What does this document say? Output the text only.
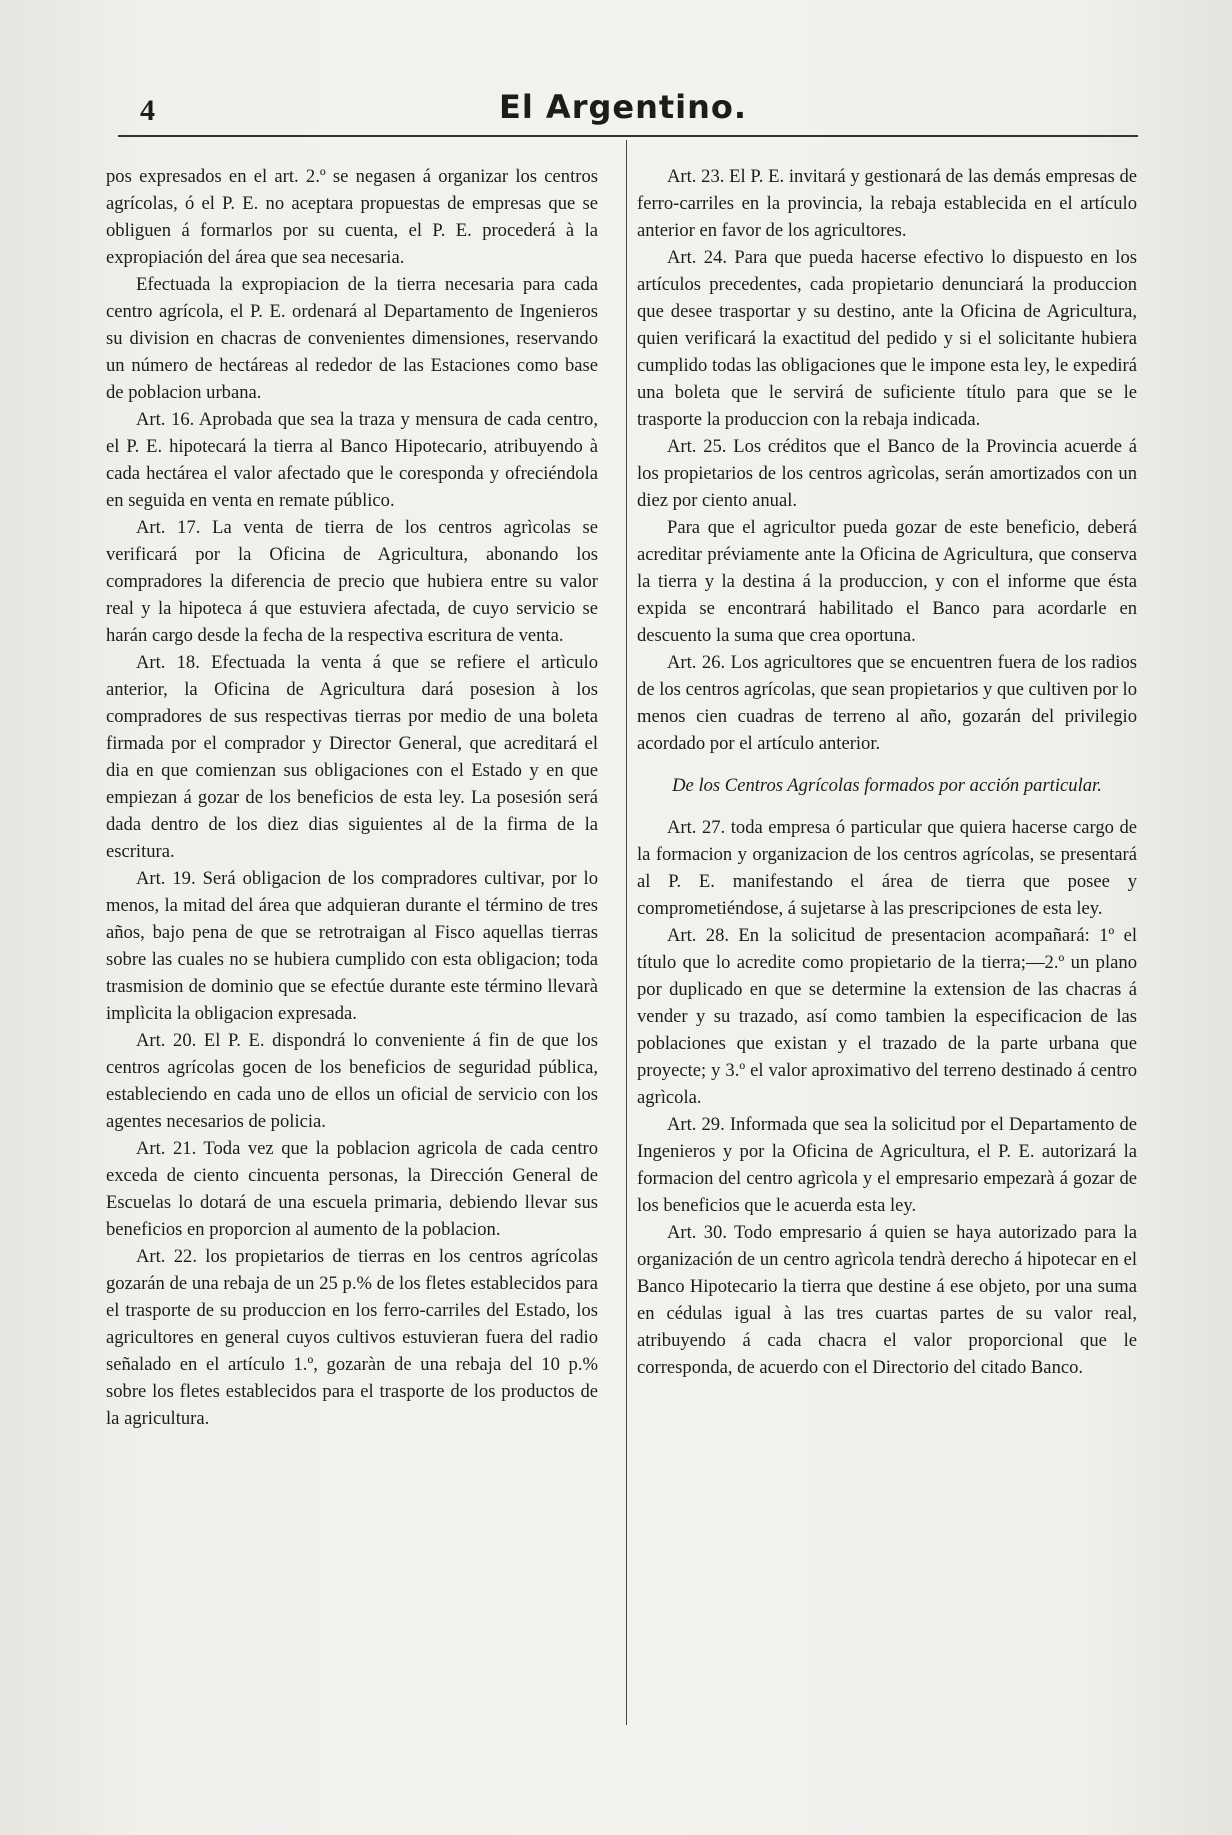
4	El Argentino.

pos expresados en el art. 2.º se negasen á organizar los centros agrícolas, ó el P. E. no aceptara propuestas de empresas que se obliguen á formarlos por su cuenta, el P. E. procederá à la expropiación del área que sea necesaria.

Efectuada la expropiacion de la tierra necesaria para cada centro agrícola, el P. E. ordenará al Departamento de Ingenieros su division en chacras de convenientes dimensiones, reservando un número de hectáreas al rededor de las Estaciones como base de poblacion urbana.

Art. 16. Aprobada que sea la traza y mensura de cada centro, el P. E. hipotecará la tierra al Banco Hipotecario, atribuyendo à cada hectárea el valor afectado que le coresponda y ofreciéndola en seguida en venta en remate público.

Art. 17. La venta de tierra de los centros agrìcolas se verificará por la Oficina de Agricultura, abonando los compradores la diferencia de precio que hubiera entre su valor real y la hipoteca á que estuviera afectada, de cuyo servicio se harán cargo desde la fecha de la respectiva escritura de venta.

Art. 18. Efectuada la venta á que se refiere el artìculo anterior, la Oficina de Agricultura dará posesion à los compradores de sus respectivas tierras por medio de una boleta firmada por el comprador y Director General, que acreditará el dia en que comienzan sus obligaciones con el Estado y en que empiezan á gozar de los beneficios de esta ley. La posesión será dada dentro de los diez dias siguientes al de la firma de la escritura.

Art. 19. Será obligacion de los compradores cultivar, por lo menos, la mitad del área que adquieran durante el término de tres años, bajo pena de que se retrotraigan al Fisco aquellas tierras sobre las cuales no se hubiera cumplido con esta obligacion; toda trasmision de dominio que se efectúe durante este término llevarà implìcita la obligacion expresada.

Art. 20. El P. E. dispondrá lo conveniente á fin de que los centros agrícolas gocen de los beneficios de seguridad pública, estableciendo en cada uno de ellos un oficial de servicio con los agentes necesarios de policia.

Art. 21. Toda vez que la poblacion agricola de cada centro exceda de ciento cincuenta personas, la Dirección General de Escuelas lo dotará de una escuela primaria, debiendo llevar sus beneficios en proporcion al aumento de la poblacion.

Art. 22. los propietarios de tierras en los centros agrícolas gozarán de una rebaja de un 25 p.% de los fletes establecidos para el trasporte de su produccion en los ferro-carriles del Estado, los agricultores en general cuyos cultivos estuvieran fuera del radio señalado en el artículo 1.º, gozaràn de una rebaja del 10 p.% sobre los fletes establecidos para el trasporte de los productos de la agricultura.

Art. 23. El P. E. invitará y gestionará de las demás empresas de ferro-carriles en la provincia, la rebaja establecida en el artículo anterior en favor de los agricultores.

Art. 24. Para que pueda hacerse efectivo lo dispuesto en los artículos precedentes, cada propietario denunciará la produccion que desee trasportar y su destino, ante la Oficina de Agricultura, quien verificará la exactitud del pedido y si el solicitante hubiera cumplido todas las obligaciones que le impone esta ley, le expedirá una boleta que le servirá de suficiente título para que se le trasporte la produccion con la rebaja indicada.

Art. 25. Los créditos que el Banco de la Provincia acuerde á los propietarios de los centros agrìcolas, serán amortizados con un diez por ciento anual.

Para que el agricultor pueda gozar de este beneficio, deberá acreditar préviamente ante la Oficina de Agricultura, que conserva la tierra y la destina á la produccion, y con el informe que ésta expida se encontrará habilitado el Banco para acordarle en descuento la suma que crea oportuna.

Art. 26. Los agricultores que se encuentren fuera de los radios de los centros agrícolas, que sean propietarios y que cultiven por lo menos cien cuadras de terreno al año, gozarán del privilegio acordado por el artículo anterior.

De los Centros Agrícolas formados por acción particular.

Art. 27. toda empresa ó particular que quiera hacerse cargo de la formacion y organizacion de los centros agrícolas, se presentará al P. E. manifestando el área de tierra que posee y comprometiéndose, á sujetarse à las prescripciones de esta ley.

Art. 28. En la solicitud de presentacion acompañará: 1º el título que lo acredite como propietario de la tierra;—2.º un plano por duplicado en que se determine la extension de las chacras á vender y su trazado, así como tambien la especificacion de las poblaciones que existan y el trazado de la parte urbana que proyecte; y 3.º el valor aproximativo del terreno destinado á centro agrìcola.

Art. 29. Informada que sea la solicitud por el Departamento de Ingenieros y por la Oficina de Agricultura, el P. E. autorizará la formacion del centro agrìcola y el empresario empezarà á gozar de los beneficios que le acuerda esta ley.

Art. 30. Todo empresario á quien se haya autorizado para la organización de un centro agrìcola tendrà derecho á hipotecar en el Banco Hipotecario la tierra que destine á ese objeto, por una suma en cédulas igual à las tres cuartas partes de su valor real, atribuyendo á cada chacra el valor proporcional que le corresponda, de acuerdo con el Directorio del citado Banco.
